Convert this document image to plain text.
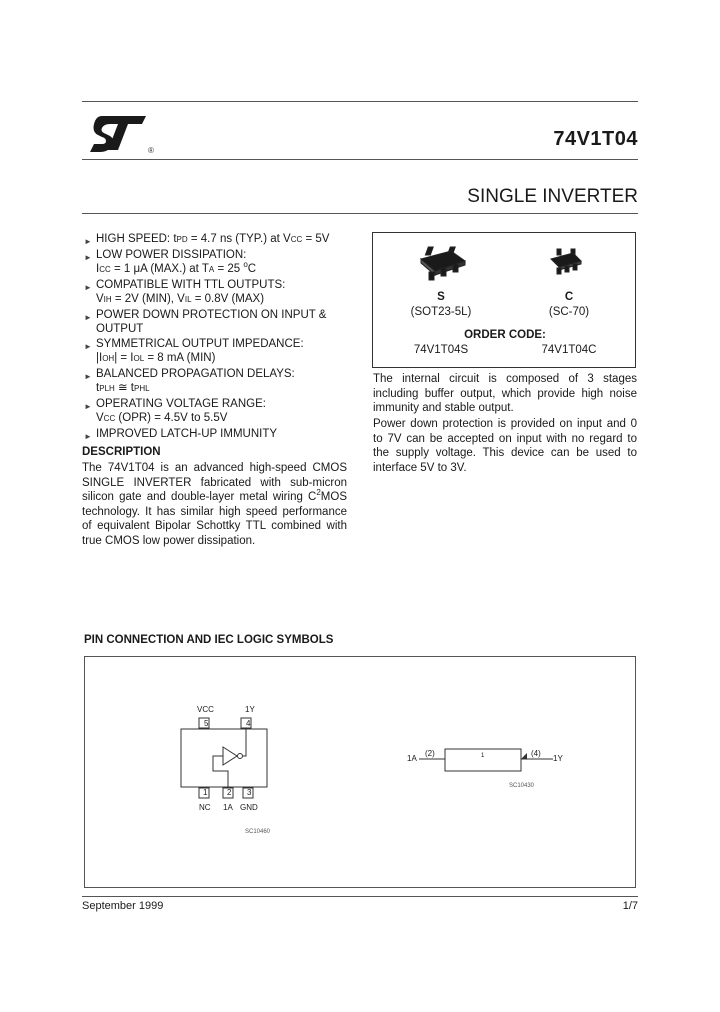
®
74V1T04
SINGLE INVERTER
► HIGH SPEED: tPD = 4.7 ns (TYP.) at VCC = 5V
► LOW POWER DISSIPATION:
ICC = 1 μA (MAX.) at TA = 25 $^o$C
► COMPATIBLE WITH TTL OUTPUTS:
VIH = 2V (MIN), VIL = 0.8V (MAX)
► POWER DOWN PROTECTION ON INPUT &
OUTPUT
► SYMMETRICAL OUTPUT IMPEDANCE:
|IOH| = IOL = 8 mA (MIN)
► BALANCED PROPAGATION DELAYS:
tPLH ≅ tPHL
► OPERATING VOLTAGE RANGE:
VCC (OPR) = 4.5V to 5.5V
► IMPROVED LATCH-UP IMMUNITY
DESCRIPTION
The 74V1T04 is an advanced high-speed CMOS SINGLE INVERTER fabricated with sub-micron silicon gate and double-layer metal wiring $C^2MOS$ technology. It has similar high speed performance of equivalent Bipolar Schottky TTL combined with true CMOS low power dissipation.
S
(SOT23-5L)
C
(SC-70)
ORDER CODE:
74V1T04S	74V1T04C
The internal circuit is composed of 3 stages including buffer output, which provide high noise immunity and stable output.
Power down protection is provided on input and 0 to 7V can be accepted on input with no regard to the supply voltage. This device can be used to interface 5V to 3V.
PIN CONNECTION AND IEC LOGIC SYMBOLS
5	4
1 2 3
VCC	1Y
NC 1A GND
SC10460
1A
(2)	1	(4)
1Y
SC10430
September 1999	1/7
